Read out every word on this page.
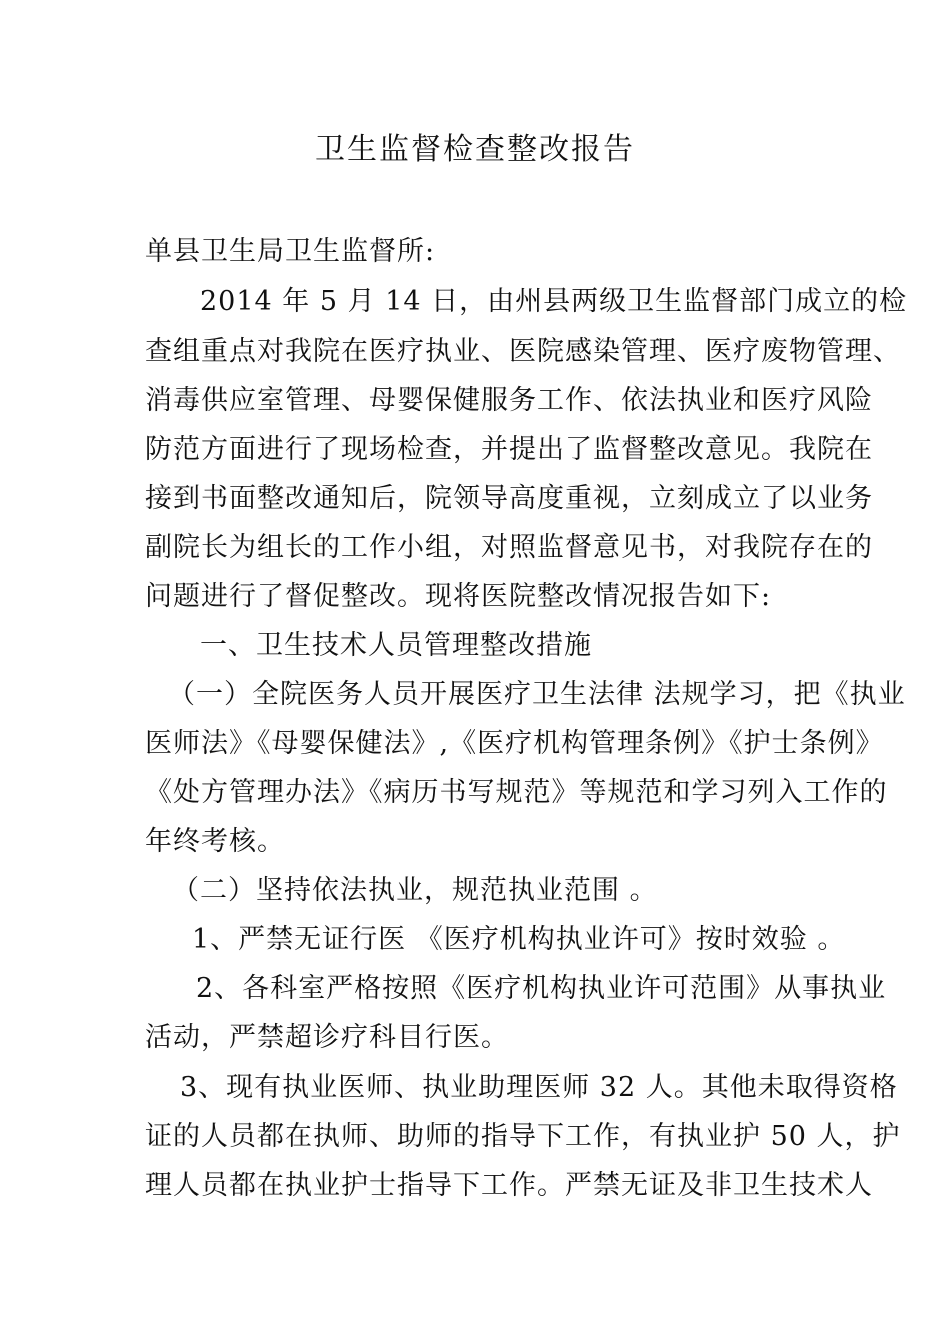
卫生监督检查整改报告
单县卫生局卫生监督所:
2014 年 5 月 14 日，由州县两级卫生监督部门成立的检
查组重点对我院在医疗执业、医院感染管理、医疗废物管理、
消毒供应室管理、母婴保健服务工作、依法执业和医疗风险
防范方面进行了现场检查，并提出了监督整改意见。我院在
接到书面整改通知后，院领导高度重视，立刻成立了以业务
副院长为组长的工作小组，对照监督意见书，对我院存在的
问题进行了督促整改。现将医院整改情况报告如下:
一、卫生技术人员管理整改措施
（一）全院医务人员开展医疗卫生法律 法规学习，把《执业
医师法》《母婴保健法》,《医疗机构管理条例》《护士条例》
《处方管理办法》《病历书写规范》等规范和学习列入工作的
年终考核。
（二）坚持依法执业，规范执业范围 。
1、严禁无证行医 《医疗机构执业许可》按时效验 。
2、各科室严格按照《医疗机构执业许可范围》从事执业
活动，严禁超诊疗科目行医。
3、现有执业医师、执业助理医师 32 人。其他未取得资格
证的人员都在执师、助师的指导下工作，有执业护 50 人，护
理人员都在执业护士指导下工作。严禁无证及非卫生技术人
